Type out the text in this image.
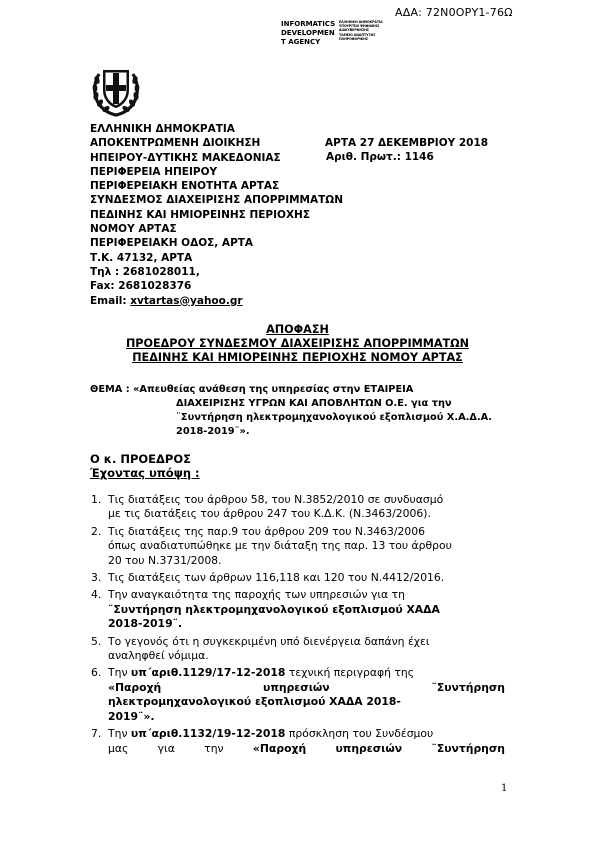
ΑΔΑ: 72Ν0ΟΡΥ1-76Ω
INFORMATICS
DEVELOPMEN
T AGENCY
ΕΛΛΗΝΙΚΗ ΔΗΜΟΚΡΑΤΙΑ
ΥΠΟΥΡΓΕΙΟ ΨΗΦΙΑΚΗΣ
ΔΙΑΚΥΒΕΡΝΗΣΗΣ
ΤΑΜΕΙΟ ΑΝΑΠΤΥΞΗΣ
ΠΛΗΡΟΦΟΡΙΚΗΣ
ΕΛΛΗΝΙΚΗ ΔΗΜΟΚΡΑΤΙΑ
ΑΠΟΚΕΝΤΡΩΜΕΝΗ ΔΙΟΙΚΗΣΗ
ΗΠΕΙΡΟΥ-ΔΥΤΙΚΗΣ ΜΑΚΕΔΟΝΙΑΣ
ΠΕΡΙΦΕΡΕΙΑ ΗΠΕΙΡΟΥ
ΠΕΡΙΦΕΡΕΙΑΚΗ ΕΝΟΤΗΤΑ ΑΡΤΑΣ
ΣΥΝΔΕΣΜΟΣ ΔΙΑΧΕΙΡΙΣΗΣ ΑΠΟΡΡΙΜΜΑΤΩΝ
ΠΕΔΙΝΗΣ ΚΑΙ ΗΜΙΟΡΕΙΝΗΣ ΠΕΡΙΟΧΗΣ
ΝΟΜΟΥ ΑΡΤΑΣ
ΠΕΡΙΦΕΡΕΙΑΚΗ ΟΔΟΣ, ΑΡΤΑ
Τ.Κ. 47132, ΑΡΤΑ
Τηλ : 2681028011,
Fax: 2681028376
Email: xvtartas@yahoo.gr
ΑΡΤΑ 27 ΔΕΚΕΜΒΡΙΟΥ 2018
Αριθ. Πρωτ.: 1146
ΑΠΟΦΑΣΗ
ΠΡΟΕΔΡΟΥ ΣΥΝΔΕΣΜΟΥ ΔΙΑΧΕΙΡΙΣΗΣ ΑΠΟΡΡΙΜΜΑΤΩΝ
ΠΕΔΙΝΗΣ ΚΑΙ ΗΜΙΟΡΕΙΝΗΣ ΠΕΡΙΟΧΗΣ ΝΟΜΟΥ ΑΡΤΑΣ
ΘΕΜΑ : «Απευθείας ανάθεση της υπηρεσίας στην ΕΤΑΙΡΕΙΑ
ΔΙΑΧΕΙΡΙΣΗΣ ΥΓΡΩΝ ΚΑΙ ΑΠΟΒΛΗΤΩΝ Ο.Ε. για την
¨Συντήρηση ηλεκτρομηχανολογικού εξοπλισμού Χ.Α.Δ.Α.
2018-2019¨».
Ο κ. ΠΡΟΕΔΡΟΣ
Έχοντας υπόψη :
1. Τις διατάξεις του άρθρου 58, του Ν.3852/2010 σε συνδυασμό
με τις διατάξεις του άρθρου 247 του Κ.Δ.Κ. (Ν.3463/2006).
2. Τις διατάξεις της παρ.9 του άρθρου 209 του Ν.3463/2006
όπως αναδιατυπώθηκε με την διάταξη της παρ. 13 του άρθρου
20 του Ν.3731/2008.
3. Τις διατάξεις των άρθρων 116,118 και 120 του Ν.4412/2016.
4. Την αναγκαιότητα της παροχής των υπηρεσιών για τη
¨Συντήρηση ηλεκτρομηχανολογικού εξοπλισμού ΧΑΔΑ
2018-2019¨.
5. Το γεγονός ότι η συγκεκριμένη υπό διενέργεια δαπάνη έχει
αναληφθεί νόμιμα.
6. Την υπ΄αριθ.1129/17-12-2018 τεχνική περιγραφή της
«Παροχή	υπηρεσιών	¨Συντήρηση
ηλεκτρομηχανολογικού εξοπλισμού ΧΑΔΑ 2018-
2019¨».
7. Την υπ΄αριθ.1132/19-12-2018 πρόσκληση του Συνδέσμου
μας	για	την	«Παροχή	υπηρεσιών	¨Συντήρηση
1
